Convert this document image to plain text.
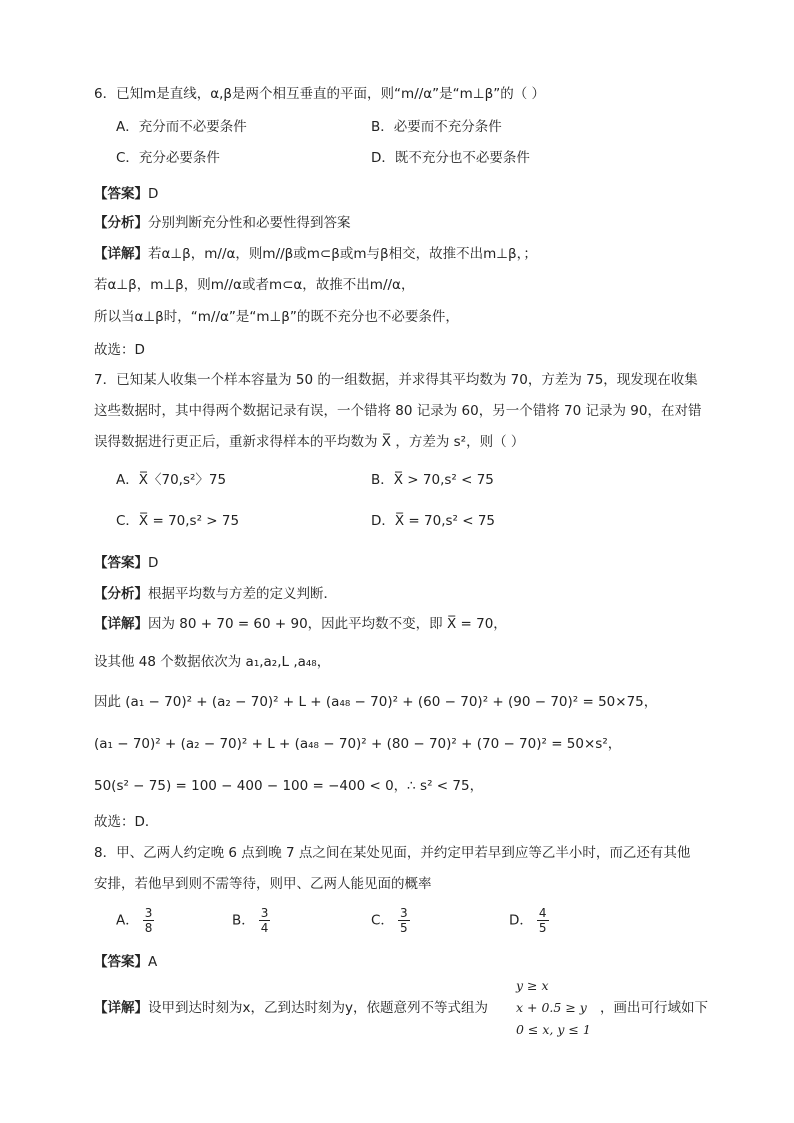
6．已知m是直线，α,β是两个相互垂直的平面，则“m//α”是“m⊥β”的（ ）
A．充分而不必要条件	B．必要而不充分条件
C．充分必要条件	D．既不充分也不必要条件
【答案】D
【分析】分别判断充分性和必要性得到答案
【详解】若α⊥β，m//α，则m//β或m⊂β或m与β相交，故推不出m⊥β，；
若α⊥β，m⊥β，则m//α或者m⊂α，故推不出m//α，
所以当α⊥β时，“m//α”是“m⊥β”的既不充分也不必要条件，
故选：D
7．已知某人收集一个样本容量为 50 的一组数据，并求得其平均数为 70，方差为 75，现发现在收集
这些数据时，其中得两个数据记录有误，一个错将 80 记录为 60，另一个错将 70 记录为 90，在对错
误得数据进行更正后，重新求得样本的平均数为 X̅ ，方差为 s²，则（ ）
A．X̅〈70,s²〉75	B．X̅ > 70,s² < 75
C．X̅ = 70,s² > 75	D．X̅ = 70,s² < 75
【答案】D
【分析】根据平均数与方差的定义判断．
【详解】因为 80 + 70 = 60 + 90，因此平均数不变，即 X̅ = 70，
设其他 48 个数据依次为 a₁,a₂,L ,a₄₈，
因此 (a₁ − 70)² + (a₂ − 70)² + L + (a₄₈ − 70)² + (60 − 70)² + (90 − 70)² = 50×75，
(a₁ − 70)² + (a₂ − 70)² + L + (a₄₈ − 70)² + (80 − 70)² + (70 − 70)² = 50×s²，
50(s² − 75) = 100 − 400 − 100 = −400 < 0，∴ s² < 75，
故选：D．
8．甲、乙两人约定晚 6 点到晚 7 点之间在某处见面，并约定甲若早到应等乙半小时，而乙还有其他
安排，若他早到则不需等待，则甲、乙两人能见面的概率
A． $\frac{3}{8}$	B． $\frac{3}{4}$	C． $\frac{3}{5}$	D． $\frac{4}{5}$
【答案】A
【详解】设甲到达时刻为x，乙到达时刻为y，依题意列不等式组为	，画出可行域如下
y ≥ x
x + 0.5 ≥ y
0 ≤ x, y ≤ 1
